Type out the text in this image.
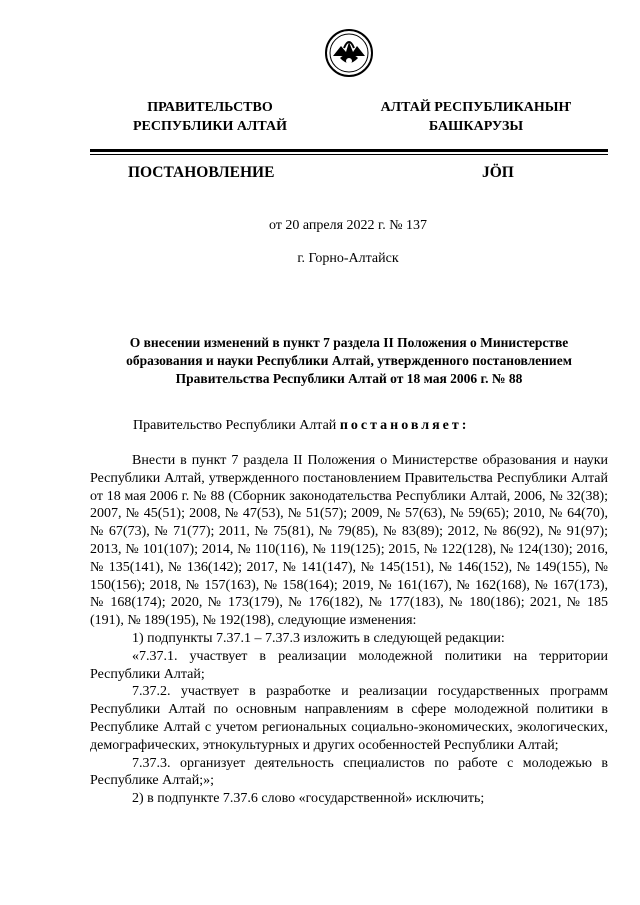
ПРАВИТЕЛЬСТВО
РЕСПУБЛИКИ АЛТАЙ
АЛТАЙ РЕСПУБЛИКАНЫҤ
БАШКАРУЗЫ
ПОСТАНОВЛЕНИЕ	JÖП
от 20 апреля 2022 г. № 137
г. Горно-Алтайск
О внесении изменений в пункт 7 раздела II Положения о Министерстве образования и науки Республики Алтай, утвержденного постановлением Правительства Республики Алтай от 18 мая 2006 г. № 88
Правительство Республики Алтай постановляет:

Внести в пункт 7 раздела II Положения о Министерстве образования и науки Республики Алтай, утвержденного постановлением Правительства Республики Алтай от 18 мая 2006 г. № 88 (Сборник законодательства Республики Алтай, 2006, № 32(38); 2007, № 45(51); 2008, № 47(53), № 51(57); 2009, № 57(63), № 59(65); 2010, № 64(70), № 67(73), № 71(77); 2011, № 75(81), № 79(85), № 83(89); 2012, № 86(92), № 91(97); 2013, № 101(107); 2014, № 110(116), № 119(125); 2015, № 122(128), № 124(130); 2016, № 135(141), № 136(142); 2017, № 141(147), № 145(151), № 146(152), № 149(155), № 150(156); 2018, № 157(163), № 158(164); 2019, № 161(167), № 162(168), № 167(173), № 168(174); 2020, № 173(179), № 176(182), № 177(183), № 180(186); 2021, № 185 (191), № 189(195), № 192(198), следующие изменения:

1) подпункты 7.37.1 – 7.37.3 изложить в следующей редакции:

«7.37.1. участвует в реализации молодежной политики на территории Республики Алтай;

7.37.2. участвует в разработке и реализации государственных программ Республики Алтай по основным направлениям в сфере молодежной политики в Республике Алтай с учетом региональных социально-экономических, экологических, демографических, этнокультурных и других особенностей Республики Алтай;

7.37.3. организует деятельность специалистов по работе с молодежью в Республике Алтай;»;

2) в подпункте 7.37.6 слово «государственной» исключить;
